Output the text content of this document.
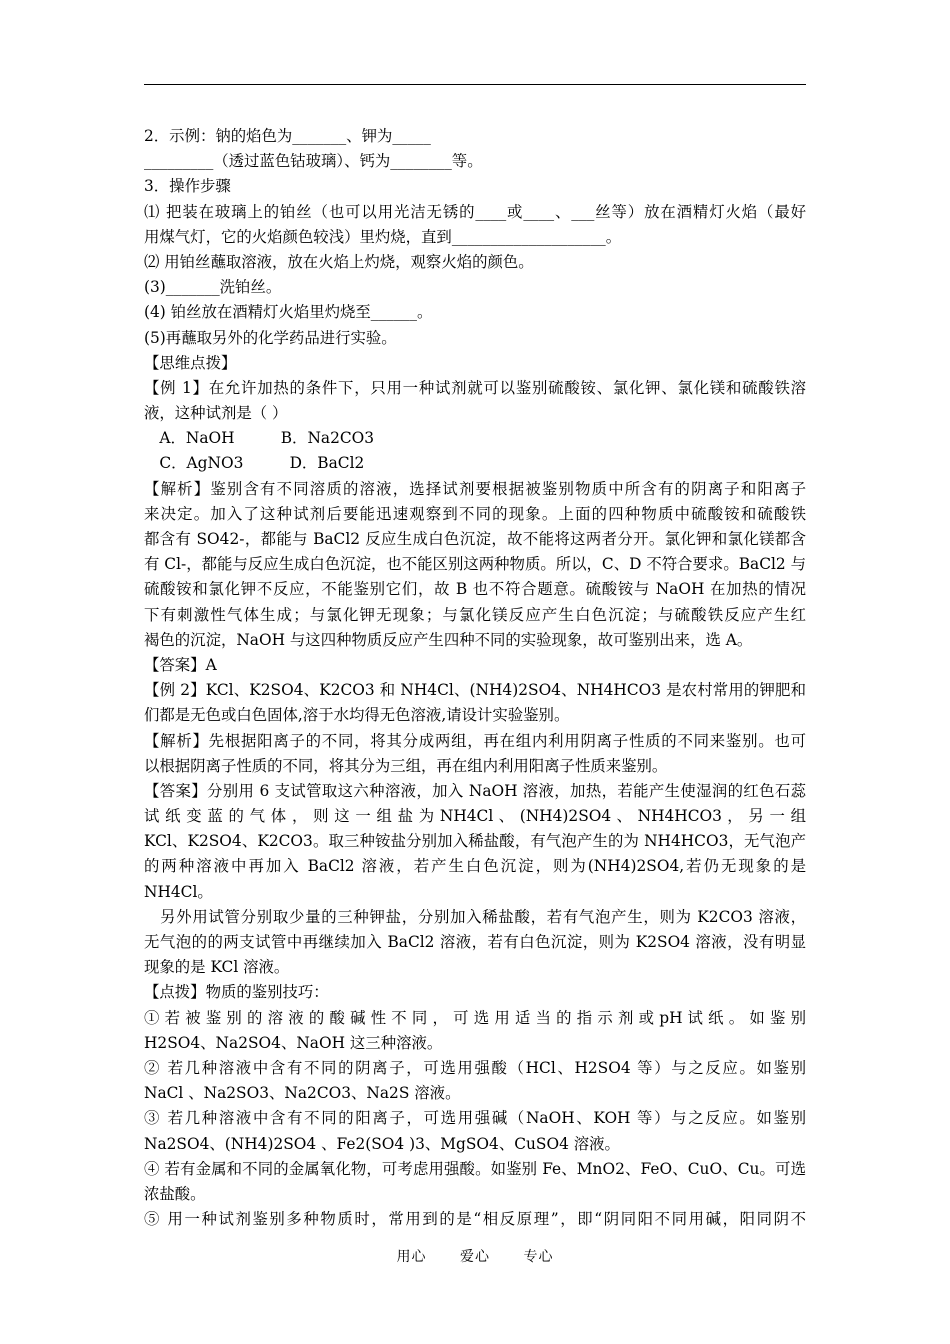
2．示例：钠的焰色为_______、钾为_____
_________（透过蓝色钴玻璃）、钙为________等。
3．操作步骤
⑴ 把装在玻璃上的铂丝（也可以用光洁无锈的____或____、___丝等）放在酒精灯火焰（最好
用煤气灯，它的火焰颜色较浅）里灼烧，直到____________________。
⑵ 用铂丝蘸取溶液，放在火焰上灼烧，观察火焰的颜色。
(3)_______洗铂丝。
(4) 铂丝放在酒精灯火焰里灼烧至______。
(5)再蘸取另外的化学药品进行实验。
【思维点拨】
【例 1】在允许加热的条件下，只用一种试剂就可以鉴别硫酸铵、氯化钾、氯化镁和硫酸铁溶
液，这种试剂是（ ）
　A．NaOH　　　B．Na2CO3
　C．AgNO3　　　D．BaCl2
【解析】鉴别含有不同溶质的溶液，选择试剂要根据被鉴别物质中所含有的阴离子和阳离子
来决定。加入了这种试剂后要能迅速观察到不同的现象。上面的四种物质中硫酸铵和硫酸铁
都含有 SO42-，都能与 BaCl2 反应生成白色沉淀，故不能将这两者分开。氯化钾和氯化镁都含
有 Cl-，都能与反应生成白色沉淀，也不能区别这两种物质。所以，C、D 不符合要求。BaCl2 与
硫酸铵和氯化钾不反应，不能鉴别它们，故 B 也不符合题意。硫酸铵与 NaOH 在加热的情况
下有刺激性气体生成；与氯化钾无现象；与氯化镁反应产生白色沉淀；与硫酸铁反应产生红
褐色的沉淀，NaOH 与这四种物质反应产生四种不同的实验现象，故可鉴别出来，选 A。
【答案】A
【例 2】KCl、K2SO4、K2CO3 和 NH4Cl、(NH4)2SO4、NH4HCO3 是农村常用的钾肥和
们都是无色或白色固体,溶于水均得无色溶液,请设计实验鉴别。
【解析】先根据阳离子的不同，将其分成两组，再在组内利用阴离子性质的不同来鉴别。也可
以根据阴离子性质的不同，将其分为三组，再在组内利用阳离子性质来鉴别。
【答案】分别用 6 支试管取这六种溶液，加入 NaOH 溶液，加热，若能产生使湿润的红色石蕊
试 纸 变 蓝 的 气 体 ， 则 这 一 组 盐 为 NH4Cl 、 (NH4)2SO4 、 NH4HCO3 ， 另 一 组
KCl、K2SO4、K2CO3。取三种铵盐分别加入稀盐酸，有气泡产生的为 NH4HCO3，无气泡产
的两种溶液中再加入 BaCl2 溶液，若产生白色沉淀，则为(NH4)2SO4,若仍无现象的是
NH4Cl。
　另外用试管分别取少量的三种钾盐，分别加入稀盐酸，若有气泡产生，则为 K2CO3 溶液，
无气泡的的两支试管中再继续加入 BaCl2 溶液，若有白色沉淀，则为 K2SO4 溶液，没有明显
现象的是 KCl 溶液。
【点拨】物质的鉴别技巧：
① 若 被 鉴 别 的 溶 液 的 酸 碱 性 不 同 ， 可 选 用 适 当 的 指 示 剂 或 pH 试 纸 。 如 鉴 别
H2SO4、Na2SO4、NaOH 这三种溶液。
② 若几种溶液中含有不同的阴离子，可选用强酸（HCl、H2SO4 等）与之反应。如鉴别
NaCl 、Na2SO3、Na2CO3、Na2S 溶液。
③ 若几种溶液中含有不同的阳离子，可选用强碱（NaOH、KOH 等）与之反应。如鉴别
Na2SO4、(NH4)2SO4 、Fe2(SO4 )3、MgSO4、CuSO4 溶液。
④ 若有金属和不同的金属氧化物，可考虑用强酸。如鉴别 Fe、MnO2、FeO、CuO、Cu。可选
浓盐酸。
⑤ 用一种试剂鉴别多种物质时，常用到的是“相反原理”，即“阴同阳不同用碱，阳同阴不
用心 爱心 专心
